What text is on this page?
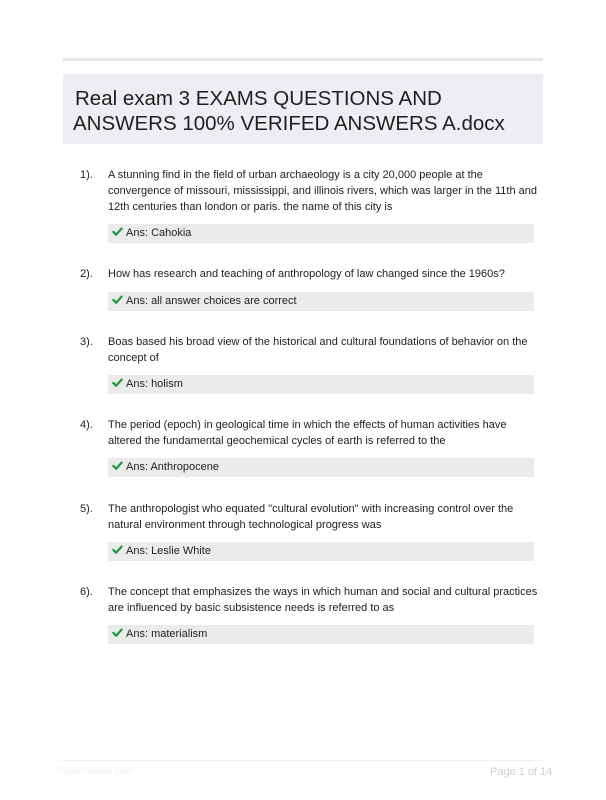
Real exam 3 EXAMS QUESTIONS AND
ANSWERS 100% VERIFED ANSWERS A.docx
1). A stunning find in the field of urban archaeology is a city 20,000 people at the convergence of missouri, mississippi, and illinois rivers, which was larger in the 11th and 12th centuries than london or paris. the name of this city is
Ans: Cahokia
2). How has research and teaching of anthropology of law changed since the 1960s?
Ans: all answer choices are correct
3). Boas based his broad view of the historical and cultural foundations of behavior on the concept of
Ans: holism
4). The period (epoch) in geological time in which the effects of human activities have altered the fundamental geochemical cycles of earth is referred to the
Ans: Anthropocene
5). The anthropologist who equated "cultural evolution" with increasing control over the natural environment through technological progress was
Ans: Leslie White
6). The concept that emphasizes the ways in which human and social and cultural practices are influenced by basic subsistence needs is referred to as
Ans: materialism
PaperStudio.com	Page 1 of 14
